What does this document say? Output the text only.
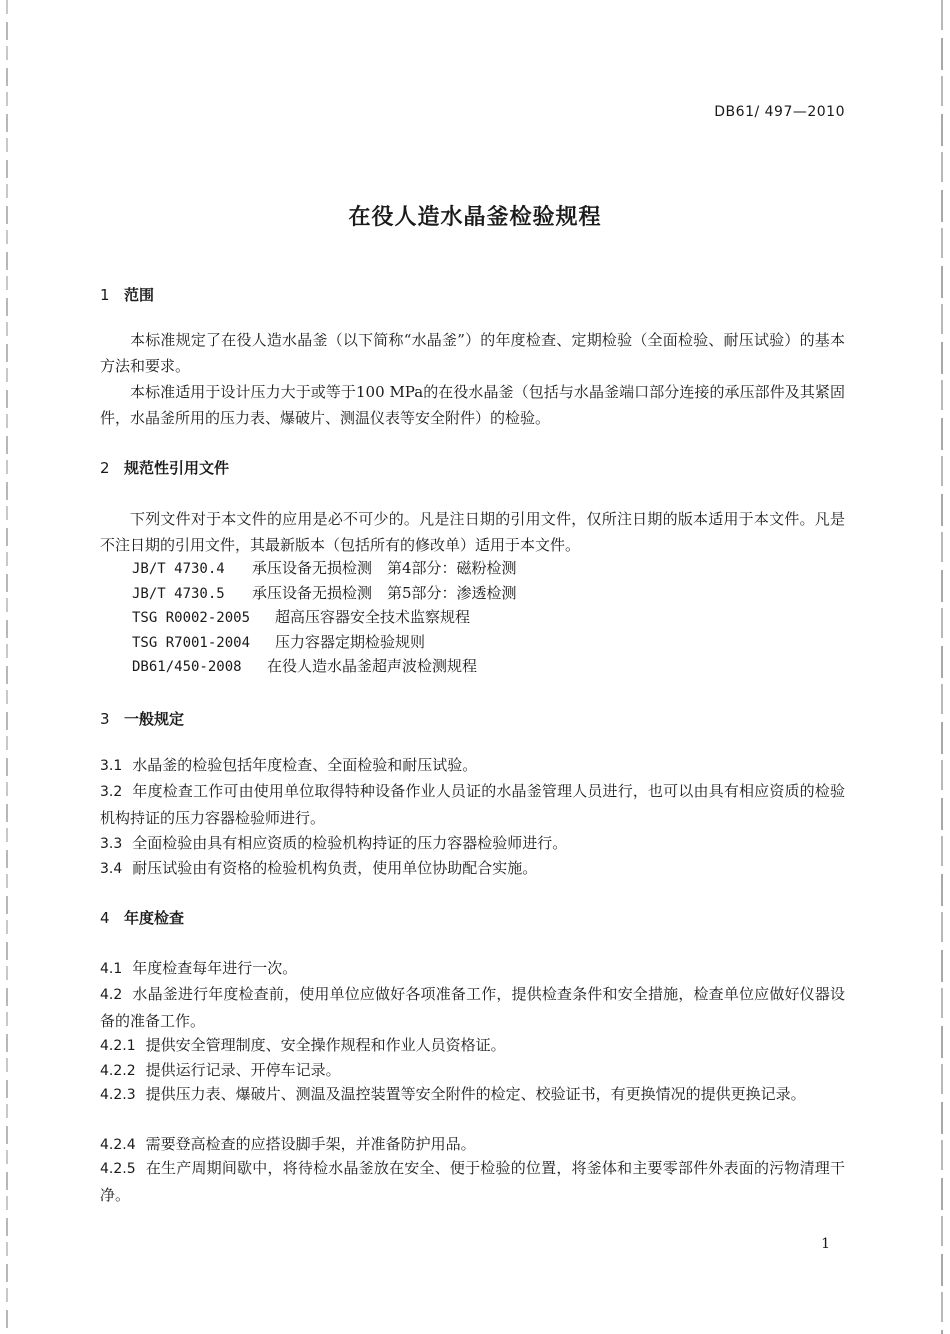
DB61/ 497—2010
在役人造水晶釜检验规程
1 范围

本标准规定了在役人造水晶釜（以下简称“水晶釜”）的年度检查、定期检验（全面检验、耐压试验）的基本方法和要求。

本标准适用于设计压力大于或等于100 MPa的在役水晶釜（包括与水晶釜端口部分连接的承压部件及其紧固件，水晶釜所用的压力表、爆破片、测温仪表等安全附件）的检验。

2 规范性引用文件

下列文件对于本文件的应用是必不可少的。凡是注日期的引用文件，仅所注日期的版本适用于本文件。凡是不注日期的引用文件，其最新版本（包括所有的修改单）适用于本文件。

JB/T 4730.4 承压设备无损检测　第4部分：磁粉检测
JB/T 4730.5 承压设备无损检测　第5部分：渗透检测
TSG R0002-2005 超高压容器安全技术监察规程
TSG R7001-2004 压力容器定期检验规则
DB61/450-2008 在役人造水晶釜超声波检测规程
3 一般规定

3.1 水晶釜的检验包括年度检查、全面检验和耐压试验。

3.2 年度检查工作可由使用单位取得特种设备作业人员证的水晶釜管理人员进行，也可以由具有相应资质的检验机构持证的压力容器检验师进行。

3.3 全面检验由具有相应资质的检验机构持证的压力容器检验师进行。

3.4 耐压试验由有资格的检验机构负责，使用单位协助配合实施。

4 年度检查

4.1 年度检查每年进行一次。

4.2 水晶釜进行年度检查前，使用单位应做好各项准备工作，提供检查条件和安全措施，检查单位应做好仪器设备的准备工作。

4.2.1 提供安全管理制度、安全操作规程和作业人员资格证。

4.2.2 提供运行记录、开停车记录。

4.2.3 提供压力表、爆破片、测温及温控装置等安全附件的检定、校验证书，有更换情况的提供更换记录。

4.2.4 需要登高检查的应搭设脚手架，并准备防护用品。

4.2.5 在生产周期间歇中，将待检水晶釜放在安全、便于检验的位置，将釜体和主要零部件外表面的污物清理干净。

1
